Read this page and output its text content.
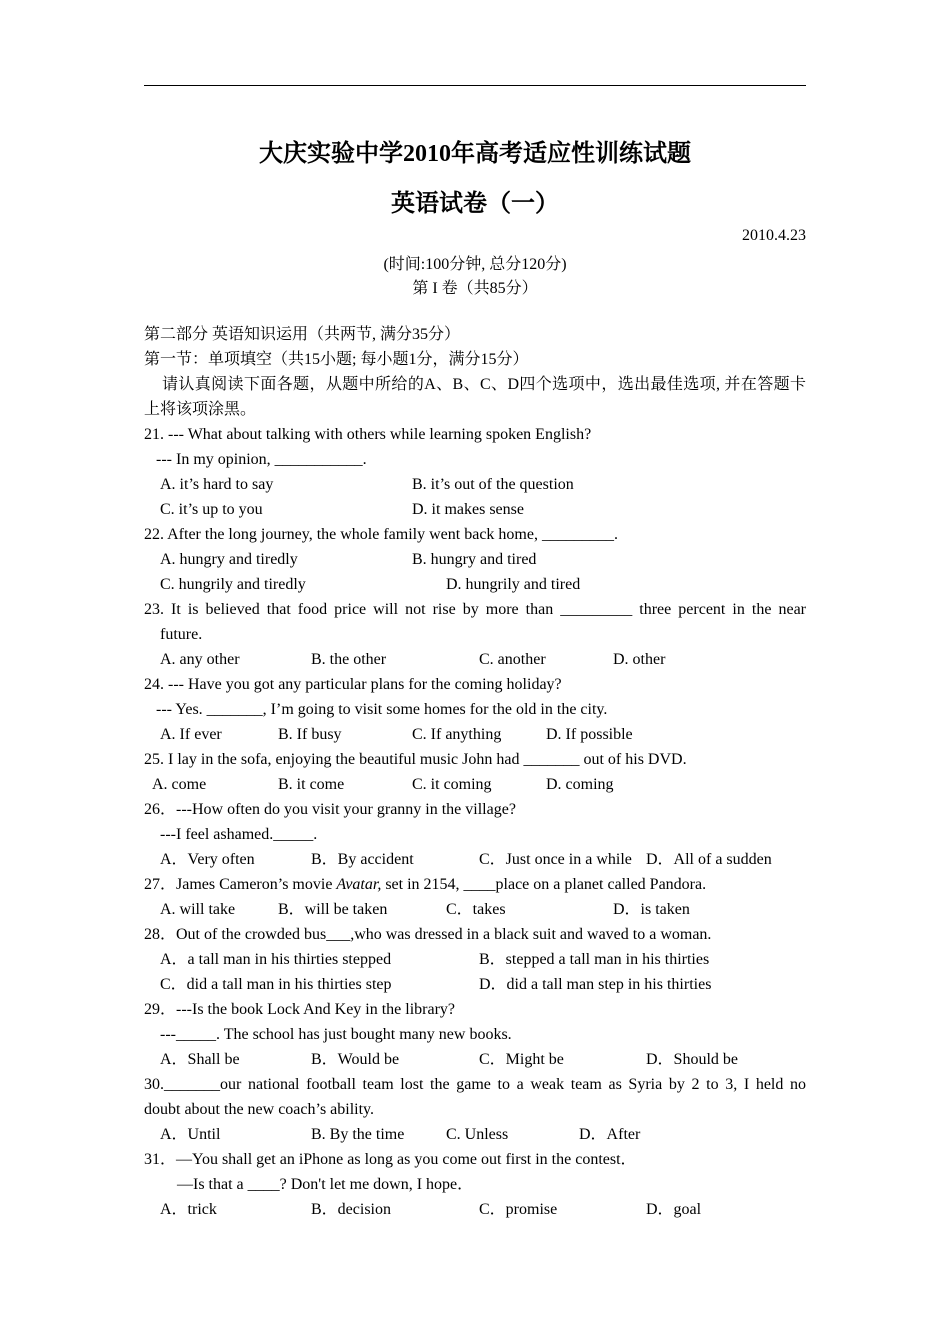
大庆实验中学2010年高考适应性训练试题
英语试卷（一）
2010.4.23
(时间:100分钟, 总分120分)
第 I 卷（共85分）
第二部分 英语知识运用（共两节, 满分35分）
第一节：单项填空（共15小题; 每小题1分，满分15分）
请认真阅读下面各题，从题中所给的A、B、C、D四个选项中，选出最佳选项, 并在答题卡
上将该项涂黑。
21. --- What about talking with others while learning spoken English?
--- In my opinion, ___________.
A. it’s hard to say	B. it’s out of the question
C. it’s up to you	D. it makes sense
22. After the long journey, the whole family went back home, _________.
A. hungry and tiredly	B. hungry and tired
C. hungrily and tiredly	D. hungrily and tired
23. It is believed that food price will not rise by more than _________ three percent in the near
future.
A. any other	B. the other	C. another	D. other
24. --- Have you got any particular plans for the coming holiday?
--- Yes. _______, I’m going to visit some homes for the old in the city.
A. If ever	B. If busy	C. If anything	D. If possible
25. I lay in the sofa, enjoying the beautiful music John had _______ out of his DVD.
A. come	B. it come	C. it coming	D. coming
26．---How often do you visit your granny in the village?
---I feel ashamed._____.
A．Very often	B．By accident	C．Just once in a while D．All of a sudden
27．James Cameron’s movie Avatar, set in 2154, ____place on a planet called Pandora.
A. will take	B．will be taken	C．takes	D．is taken
28．Out of the crowded bus___,who was dressed in a black suit and waved to a woman.
A．a tall man in his thirties stepped	B．stepped a tall man in his thirties
C．did a tall man in his thirties step	D．did a tall man step in his thirties
29．---Is the book Lock And Key in the library?
---_____. The school has just bought many new books.
A．Shall be	B．Would be	C．Might be	D．Should be
30._______our national football team lost the game to a weak team as Syria by 2 to 3, I held no
doubt about the new coach’s ability.
A．Until	B. By the time	C. Unless	D．After
31．—You shall get an iPhone as long as you come out first in the contest．
—Is that a ____? Don't let me down, I hope．
A．trick	B．decision	C．promise	D．goal
